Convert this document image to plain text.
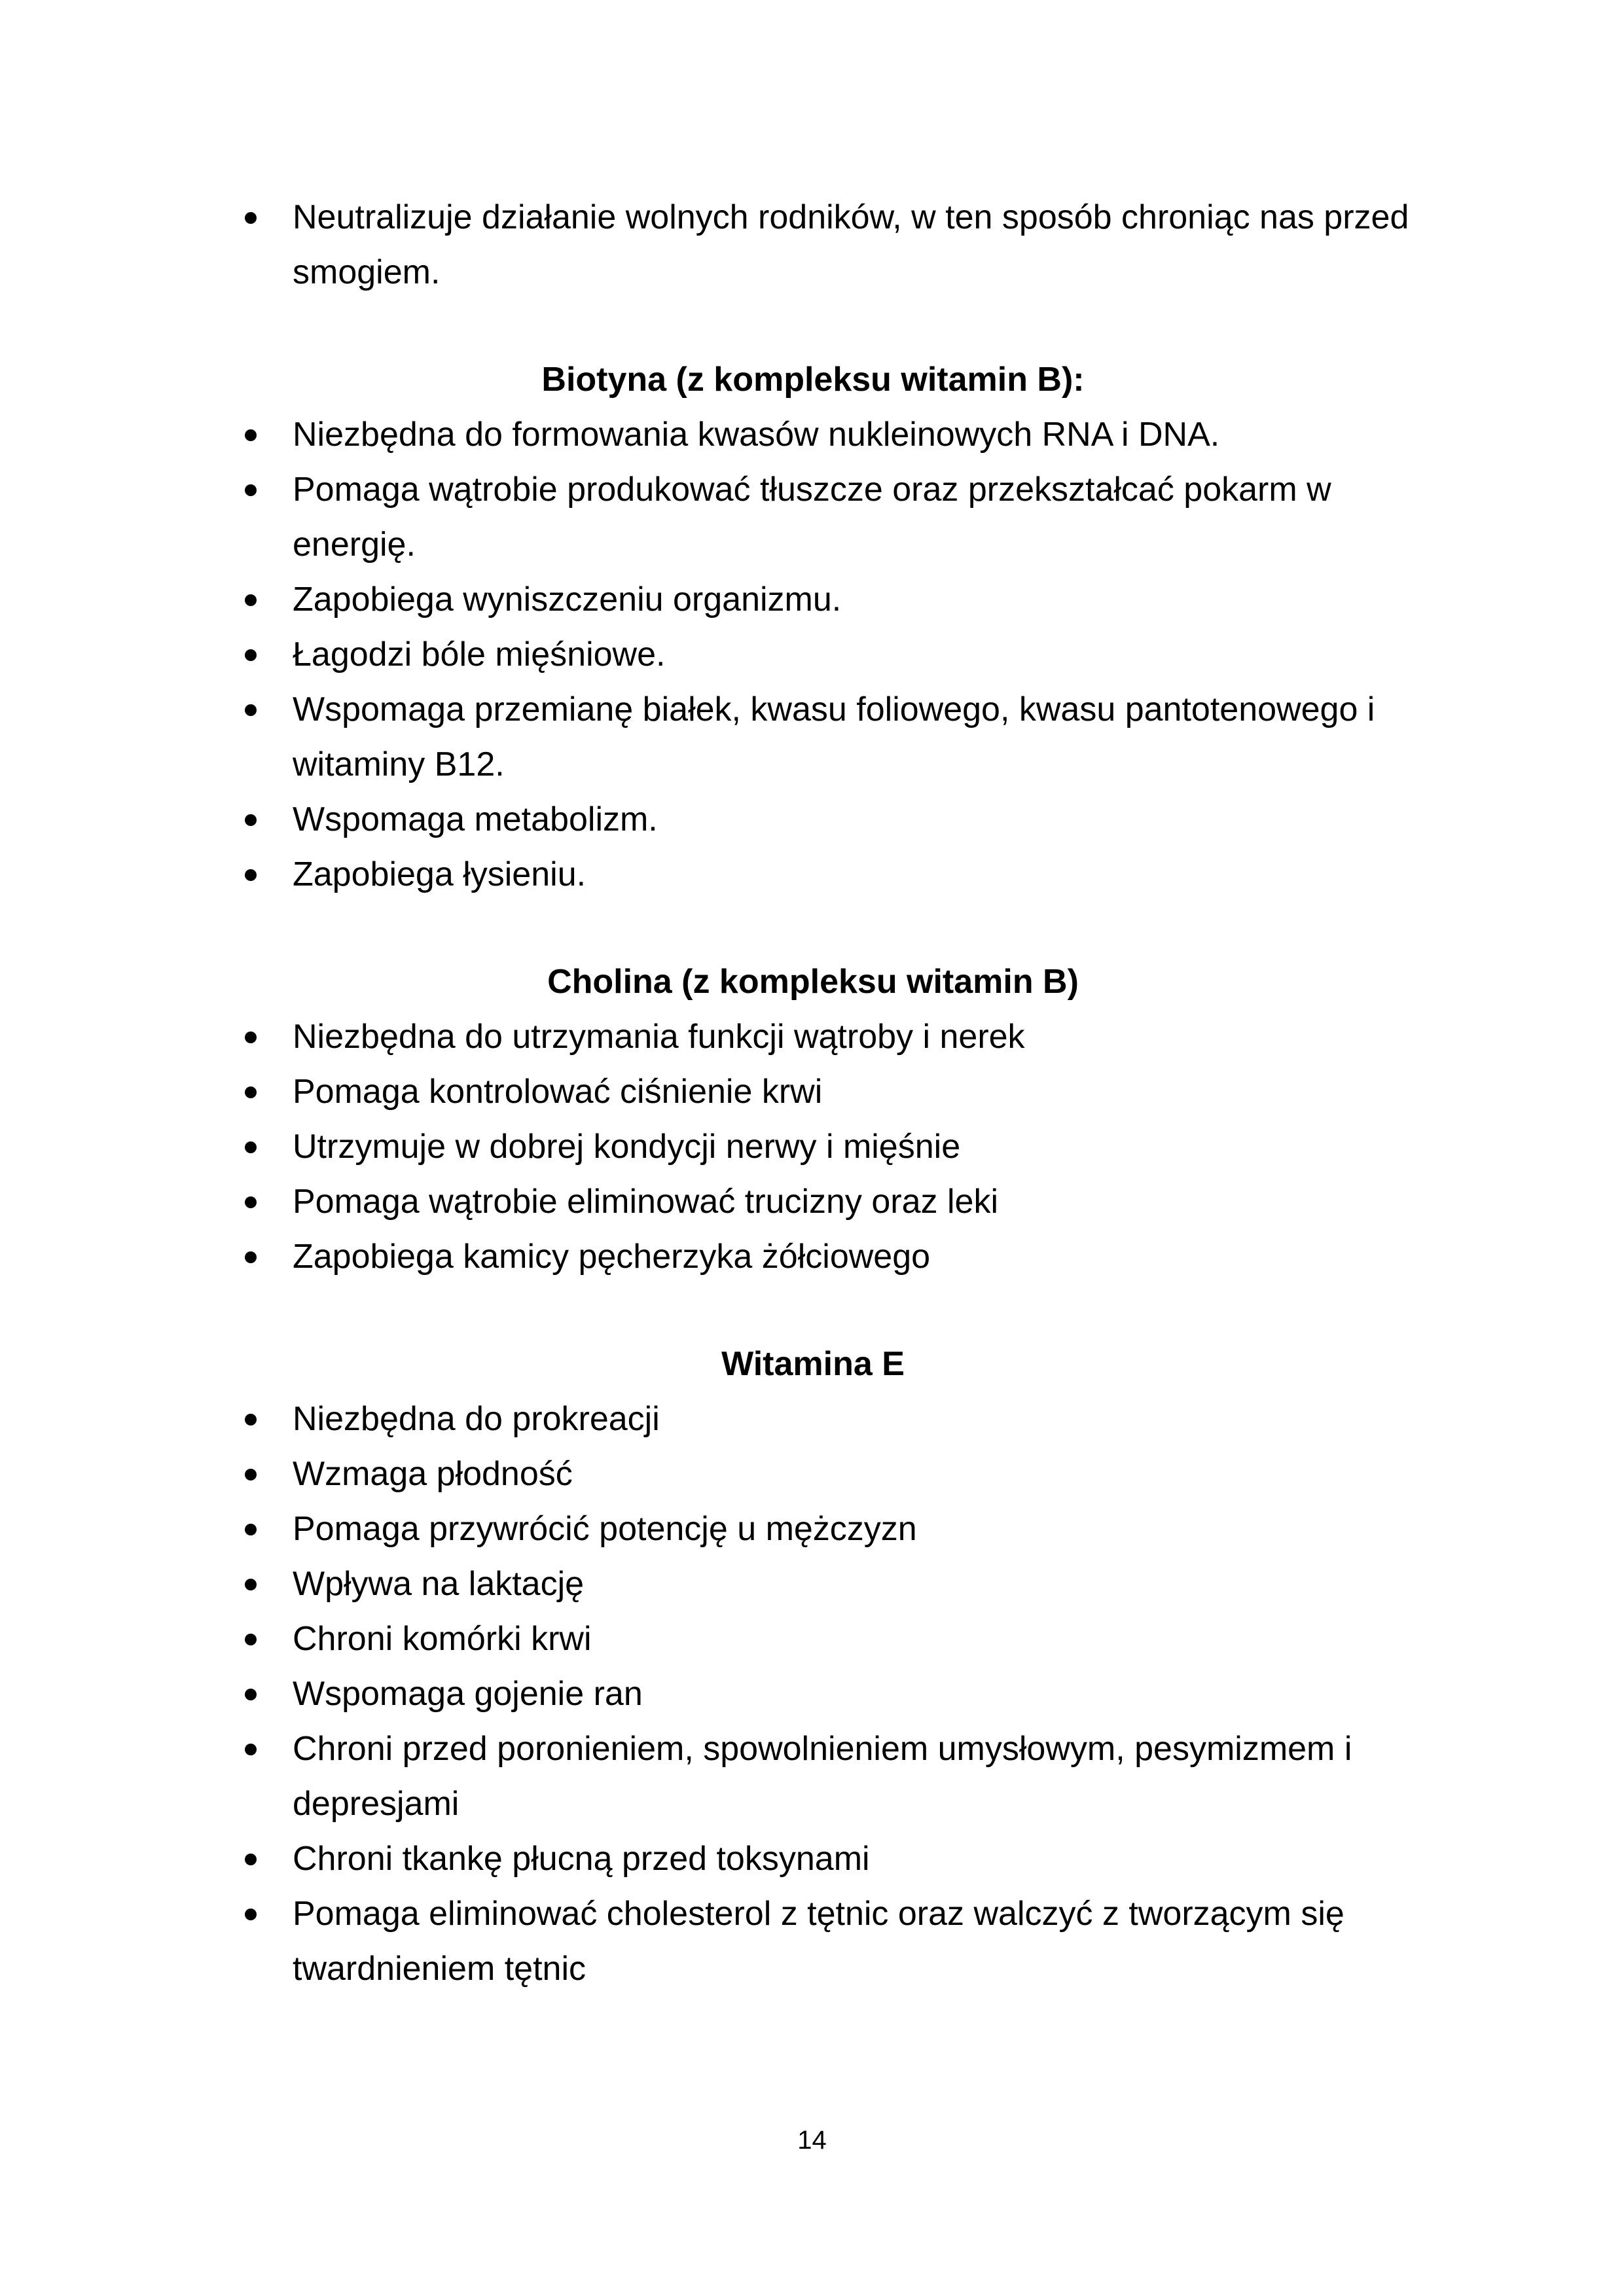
Neutralizuje działanie wolnych rodników, w ten sposób chroniąc nas przed smogiem.
Biotyna (z kompleksu witamin B):
Niezbędna do formowania kwasów nukleinowych RNA i DNA.
Pomaga wątrobie produkować tłuszcze oraz przekształcać pokarm w energię.
Zapobiega wyniszczeniu organizmu.
Łagodzi bóle mięśniowe.
Wspomaga przemianę białek, kwasu foliowego, kwasu pantotenowego i witaminy B12.
Wspomaga metabolizm.
Zapobiega łysieniu.
Cholina (z kompleksu witamin B)
Niezbędna do utrzymania funkcji wątroby i nerek
Pomaga kontrolować ciśnienie krwi
Utrzymuje w dobrej kondycji nerwy i mięśnie
Pomaga wątrobie eliminować trucizny oraz leki
Zapobiega kamicy pęcherzyka żółciowego
Witamina E
Niezbędna do prokreacji
Wzmaga płodność
Pomaga przywrócić potencję u mężczyzn
Wpływa na laktację
Chroni komórki krwi
Wspomaga gojenie ran
Chroni przed poronieniem, spowolnieniem umysłowym, pesymizmem i depresjami
Chroni tkankę płucną przed toksynami
Pomaga eliminować cholesterol z tętnic oraz walczyć z tworzącym się twardnieniem tętnic
14
